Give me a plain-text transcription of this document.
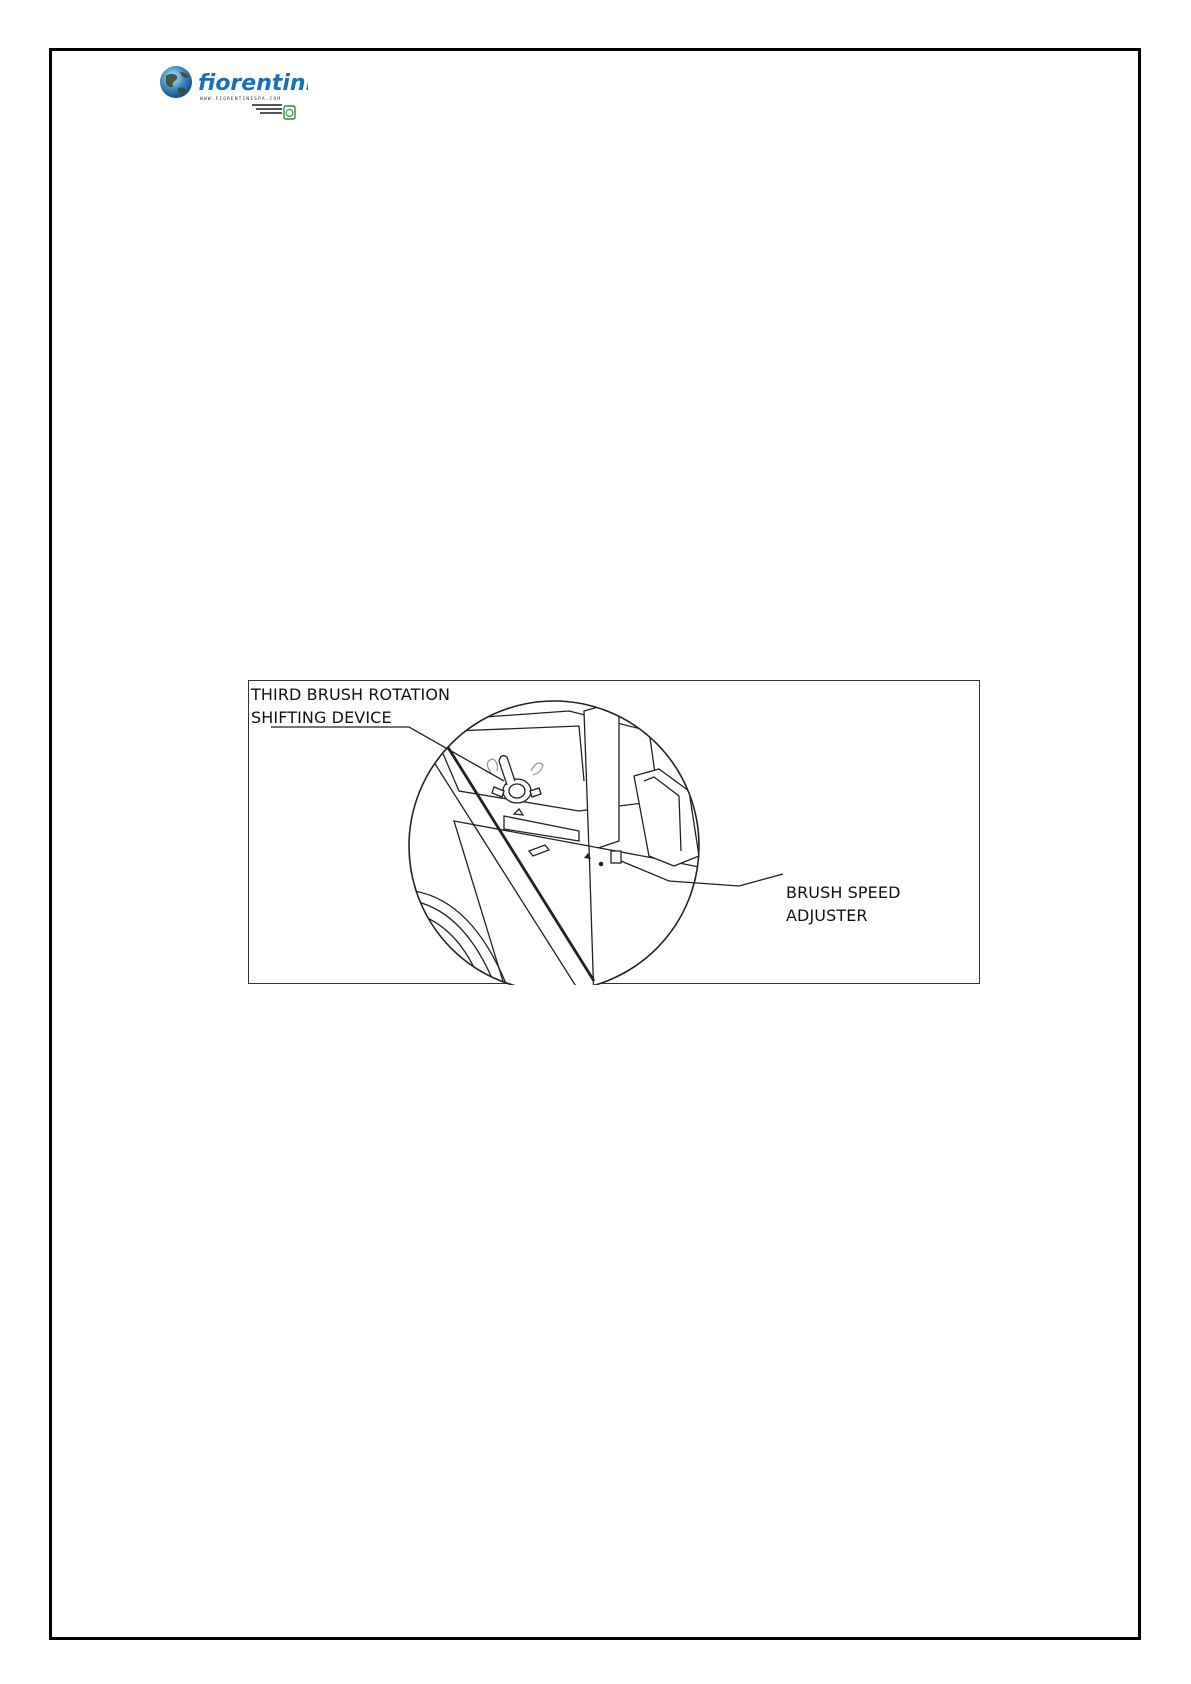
fiorentini
WWW.FIORENTINISPA.COM
THIRD BRUSH ROTATION
SHIFTING DEVICE
BRUSH SPEED
ADJUSTER
